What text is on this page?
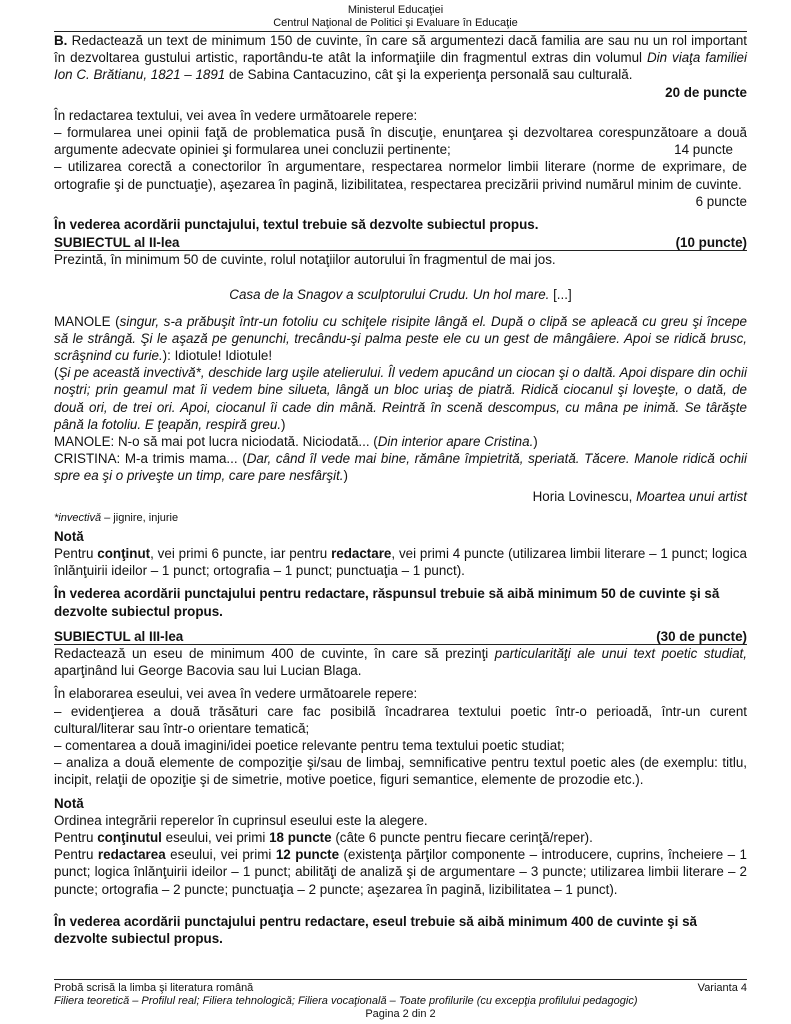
Ministerul Educaţiei
Centrul Naţional de Politici şi Evaluare în Educaţie

B. Redactează un text de minimum 150 de cuvinte, în care să argumentezi dacă familia are sau nu un rol important în dezvoltarea gustului artistic, raportându-te atât la informaţiile din fragmentul extras din volumul Din viaţa familiei Ion C. Brătianu, 1821 – 1891 de Sabina Cantacuzino, cât şi la experienţa personală sau culturală.

20 de puncte

În redactarea textului, vei avea în vedere următoarele repere:

– formularea unei opinii faţă de problematica pusă în discuţie, enunţarea şi dezvoltarea corespunzătoare a două argumente adecvate opiniei şi formularea unei concluzii pertinente;	14 puncte

– utilizarea corectă a conectorilor în argumentare, respectarea normelor limbii literare (norme de exprimare, de ortografie şi de punctuaţie), aşezarea în pagină, lizibilitatea, respectarea precizării privind numărul minim de cuvinte.

6 puncte

În vederea acordării punctajului, textul trebuie să dezvolte subiectul propus.

SUBIECTUL al II-lea	(10 puncte)

Prezintă, în minimum 50 de cuvinte, rolul notaţiilor autorului în fragmentul de mai jos.

Casa de la Snagov a sculptorului Crudu. Un hol mare. [...]

MANOLE (singur, s-a prăbuşit într-un fotoliu cu schiţele risipite lângă el. După o clipă se apleacă cu greu şi începe să le strângă. Şi le aşază pe genunchi, trecându-şi palma peste ele cu un gest de mângâiere. Apoi se ridică brusc, scrâşnind cu furie.): Idiotule! Idiotule!

(Şi pe această invectivă*, deschide larg uşile atelierului. Îl vedem apucând un ciocan şi o daltă. Apoi dispare din ochii noştri; prin geamul mat îi vedem bine silueta, lângă un bloc uriaş de piatră. Ridică ciocanul şi loveşte, o dată, de două ori, de trei ori. Apoi, ciocanul îi cade din mână. Reintră în scenă descompus, cu mâna pe inimă. Se târăşte până la fotoliu. E ţeapăn, respiră greu.)

MANOLE: N-o să mai pot lucra niciodată. Niciodată... (Din interior apare Cristina.)

CRISTINA: M-a trimis mama... (Dar, când îl vede mai bine, rămâne împietrită, speriată. Tăcere. Manole ridică ochii spre ea şi o priveşte un timp, care pare nesfârşit.)

Horia Lovinescu, Moartea unui artist

*invectivă – jignire, injurie

Notă

Pentru conţinut, vei primi 6 puncte, iar pentru redactare, vei primi 4 puncte (utilizarea limbii literare – 1 punct; logica înlănţuirii ideilor – 1 punct; ortografia – 1 punct; punctuaţia – 1 punct).

În vederea acordării punctajului pentru redactare, răspunsul trebuie să aibă minimum 50 de cuvinte şi să dezvolte subiectul propus.

SUBIECTUL al III-lea	(30 de puncte)

Redactează un eseu de minimum 400 de cuvinte, în care să prezinţi particularităţi ale unui text poetic studiat, aparţinând lui George Bacovia sau lui Lucian Blaga.

În elaborarea eseului, vei avea în vedere următoarele repere:

– evidenţierea a două trăsături care fac posibilă încadrarea textului poetic într-o perioadă, într-un curent cultural/literar sau într-o orientare tematică;

– comentarea a două imagini/idei poetice relevante pentru tema textului poetic studiat;

– analiza a două elemente de compoziţie şi/sau de limbaj, semnificative pentru textul poetic ales (de exemplu: titlu, incipit, relaţii de opoziţie şi de simetrie, motive poetice, figuri semantice, elemente de prozodie etc.).

Notă

Ordinea integrării reperelor în cuprinsul eseului este la alegere.

Pentru conţinutul eseului, vei primi 18 puncte (câte 6 puncte pentru fiecare cerinţă/reper).

Pentru redactarea eseului, vei primi 12 puncte (existenţa părţilor componente – introducere, cuprins, încheiere – 1 punct; logica înlănţuirii ideilor – 1 punct; abilităţi de analiză şi de argumentare – 3 puncte; utilizarea limbii literare – 2 puncte; ortografia – 2 puncte; punctuaţia – 2 puncte; aşezarea în pagină, lizibilitatea – 1 punct).

În vederea acordării punctajului pentru redactare, eseul trebuie să aibă minimum 400 de cuvinte şi să dezvolte subiectul propus.

Probă scrisă la limba şi literatura română	Varianta 4
Filiera teoretică – Profilul real; Filiera tehnologică; Filiera vocaţională – Toate profilurile (cu excepţia profilului pedagogic)
Pagina 2 din 2
